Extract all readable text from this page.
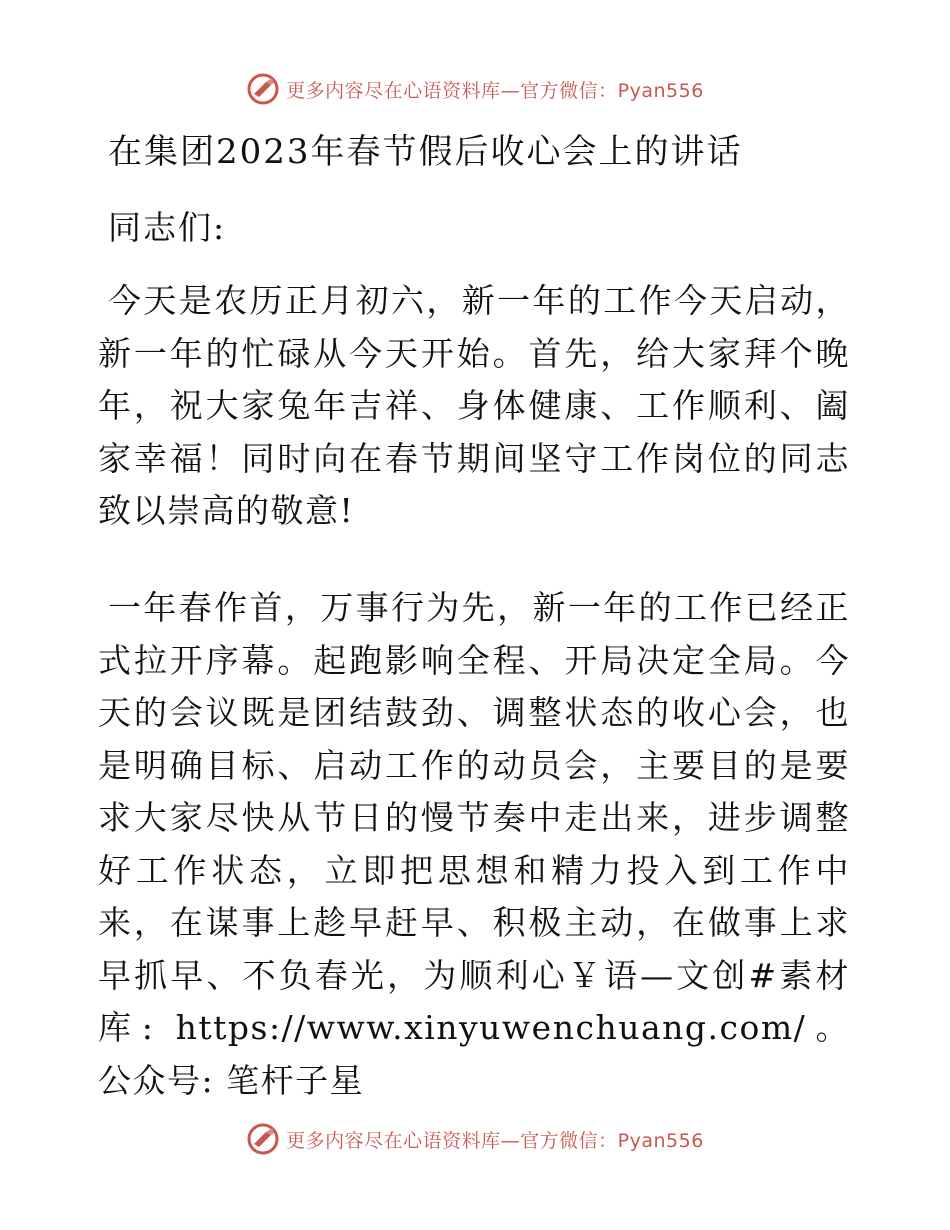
更多内容尽在心语资料库—官方微信：Pyan556
在集团2023年春节假后收心会上的讲话

同志们:

今天是农历正月初六，新一年的工作今天启动，新一年的忙碌从今天开始。首先，给大家拜个晚年，祝大家兔年吉祥、身体健康、工作顺利、阖家幸福！同时向在春节期间坚守工作岗位的同志致以崇高的敬意!

一年春作首，万事行为先，新一年的工作已经正式拉开序幕。起跑影响全程、开局决定全局。今天的会议既是团结鼓劲、调整状态的收心会，也是明确目标、启动工作的动员会，主要目的是要求大家尽快从节日的慢节奏中走出来，进步调整好工作状态，立即把思想和精力投入到工作中来，在谋事上趁早赶早、积极主动，在做事上求早抓早、不负春光，为顺利心￥语—文创#素材库: https://www.xinyuwenchuang.com/。公众号: 笔杆子星

更多内容尽在心语资料库—官方微信：Pyan556
